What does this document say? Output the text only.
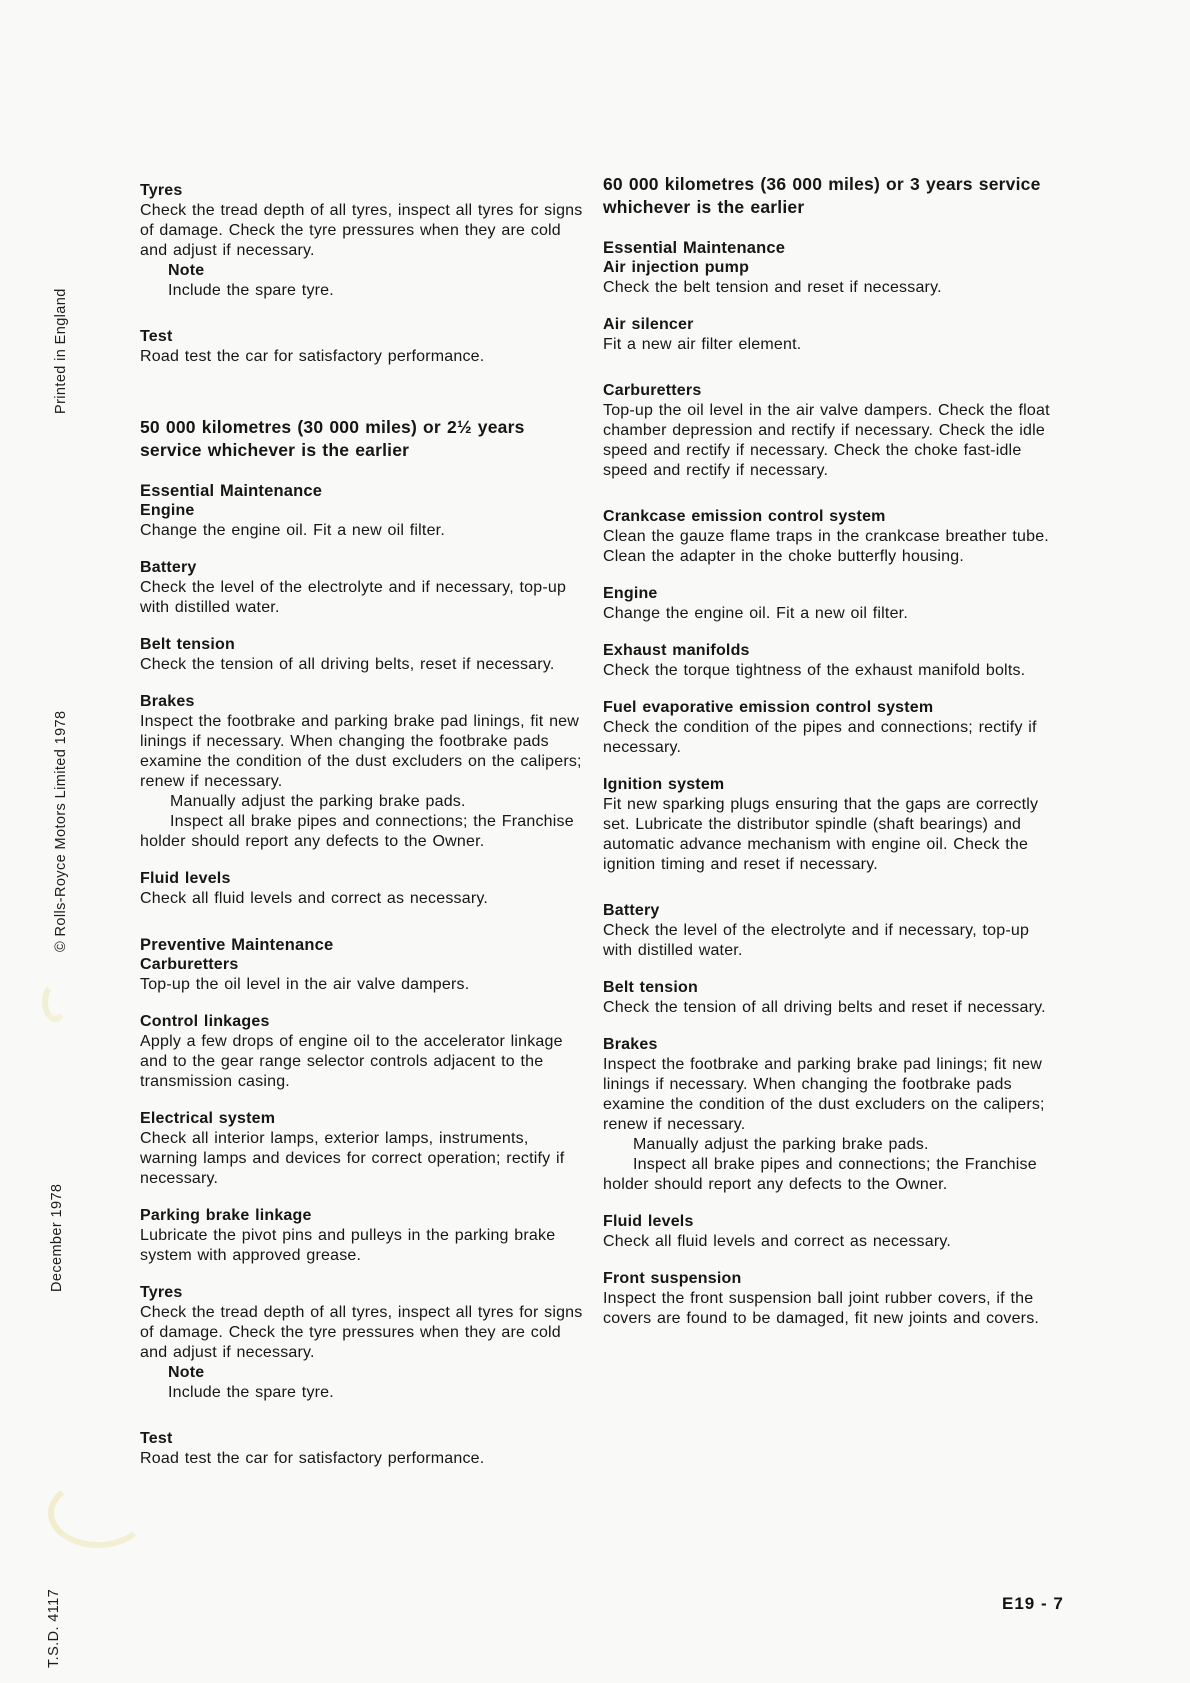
Printed in England
© Rolls-Royce Motors Limited 1978
December 1978
T.S.D. 4117
Tyres

Check the tread depth of all tyres, inspect all tyres for signs of damage. Check the tyre pressures when they are cold and adjust if necessary.

Note

Include the spare tyre.

Test

Road test the car for satisfactory performance.

50 000 kilometres (30 000 miles) or 2½ years service whichever is the earlier

Essential Maintenance

Engine

Change the engine oil. Fit a new oil filter.

Battery

Check the level of the electrolyte and if necessary, top-up with distilled water.

Belt tension

Check the tension of all driving belts, reset if necessary.

Brakes

Inspect the footbrake and parking brake pad linings, fit new linings if necessary. When changing the footbrake pads examine the condition of the dust excluders on the calipers; renew if necessary.

Manually adjust the parking brake pads.

Inspect all brake pipes and connections; the Franchise holder should report any defects to the Owner.

Fluid levels

Check all fluid levels and correct as necessary.

Preventive Maintenance

Carburetters

Top-up the oil level in the air valve dampers.

Control linkages

Apply a few drops of engine oil to the accelerator linkage and to the gear range selector controls adjacent to the transmission casing.

Electrical system

Check all interior lamps, exterior lamps, instruments, warning lamps and devices for correct operation; rectify if necessary.

Parking brake linkage

Lubricate the pivot pins and pulleys in the parking brake system with approved grease.

Tyres

Check the tread depth of all tyres, inspect all tyres for signs of damage. Check the tyre pressures when they are cold and adjust if necessary.

Note

Include the spare tyre.

Test

Road test the car for satisfactory performance.

60 000 kilometres (36 000 miles) or 3 years service whichever is the earlier

Essential Maintenance

Air injection pump

Check the belt tension and reset if necessary.

Air silencer

Fit a new air filter element.

Carburetters

Top-up the oil level in the air valve dampers. Check the float chamber depression and rectify if necessary. Check the idle speed and rectify if necessary. Check the choke fast-idle speed and rectify if necessary.

Crankcase emission control system

Clean the gauze flame traps in the crankcase breather tube. Clean the adapter in the choke butterfly housing.

Engine

Change the engine oil. Fit a new oil filter.

Exhaust manifolds

Check the torque tightness of the exhaust manifold bolts.

Fuel evaporative emission control system

Check the condition of the pipes and connections; rectify if necessary.

Ignition system

Fit new sparking plugs ensuring that the gaps are correctly set. Lubricate the distributor spindle (shaft bearings) and automatic advance mechanism with engine oil. Check the ignition timing and reset if necessary.

Battery

Check the level of the electrolyte and if necessary, top-up with distilled water.

Belt tension

Check the tension of all driving belts and reset if necessary.

Brakes

Inspect the footbrake and parking brake pad linings; fit new linings if necessary. When changing the footbrake pads examine the condition of the dust excluders on the calipers; renew if necessary.

Manually adjust the parking brake pads.

Inspect all brake pipes and connections; the Franchise holder should report any defects to the Owner.

Fluid levels

Check all fluid levels and correct as necessary.

Front suspension

Inspect the front suspension ball joint rubber covers, if the covers are found to be damaged, fit new joints and covers.

E19 - 7
